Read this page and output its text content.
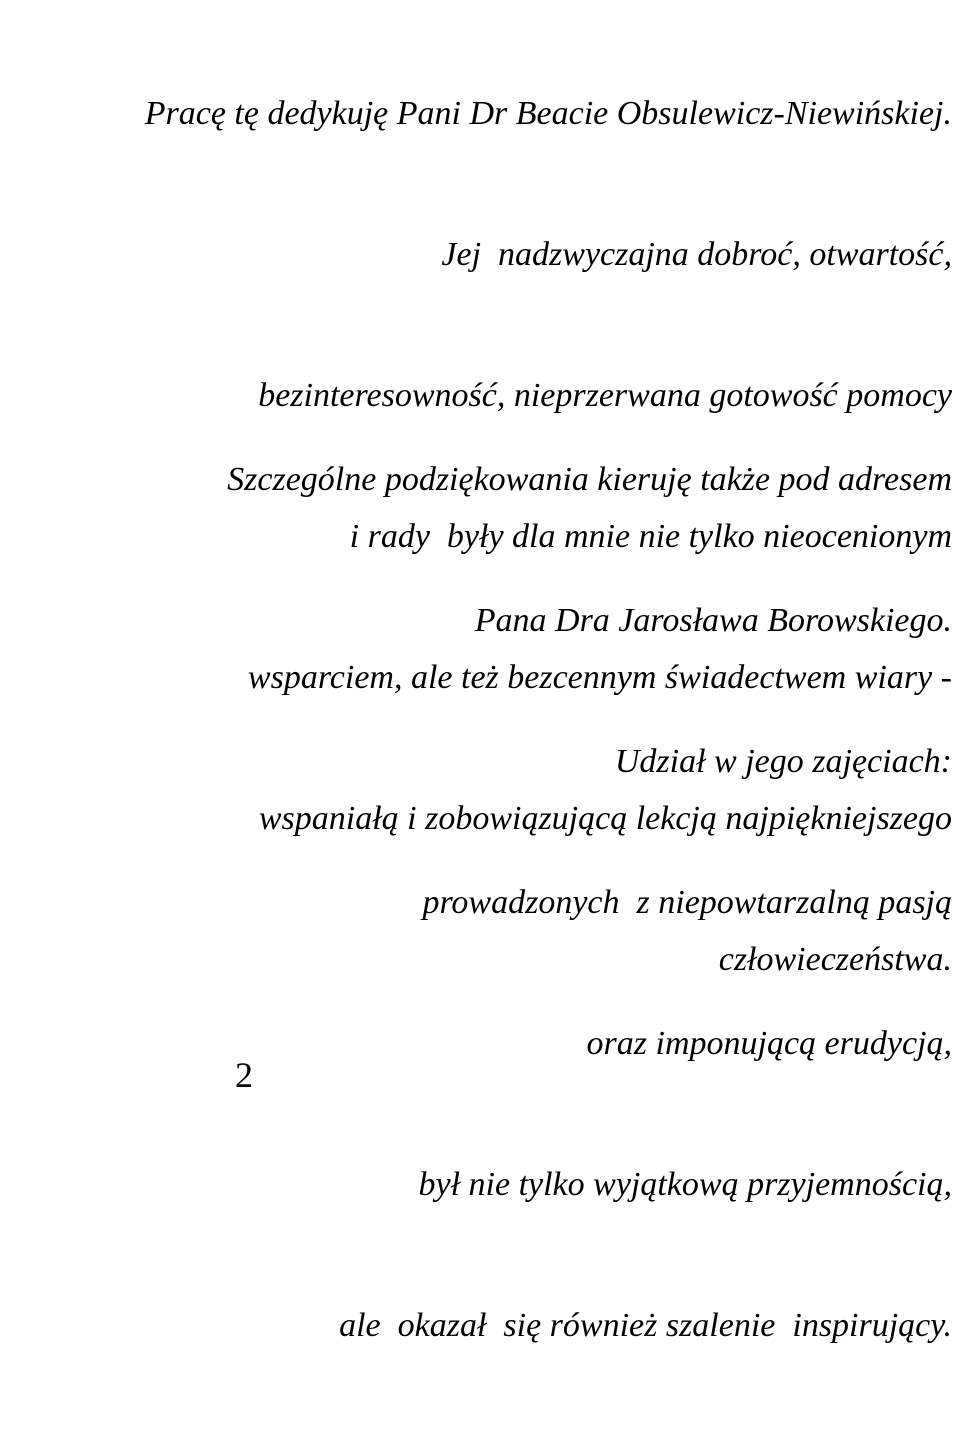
Pracę tę dedykuję Pani Dr Beacie Obsulewicz-Niewińskiej.

Jej  nadzwyczajna dobroć, otwartość,

bezinteresowność, nieprzerwana gotowość pomocy

i rady  były dla mnie nie tylko nieocenionym

wsparciem, ale też bezcennym świadectwem wiary -

wspaniałą i zobowiązującą lekcją najpiękniejszego

człowieczeństwa.

Szczególne podziękowania kieruję także pod adresem

Pana Dra Jarosława Borowskiego.

Udział w jego zajęciach:

prowadzonych  z niepowtarzalną pasją

oraz imponującą erudycją,

był nie tylko wyjątkową przyjemnością,

ale  okazał  się również szalenie  inspirujący.

2
